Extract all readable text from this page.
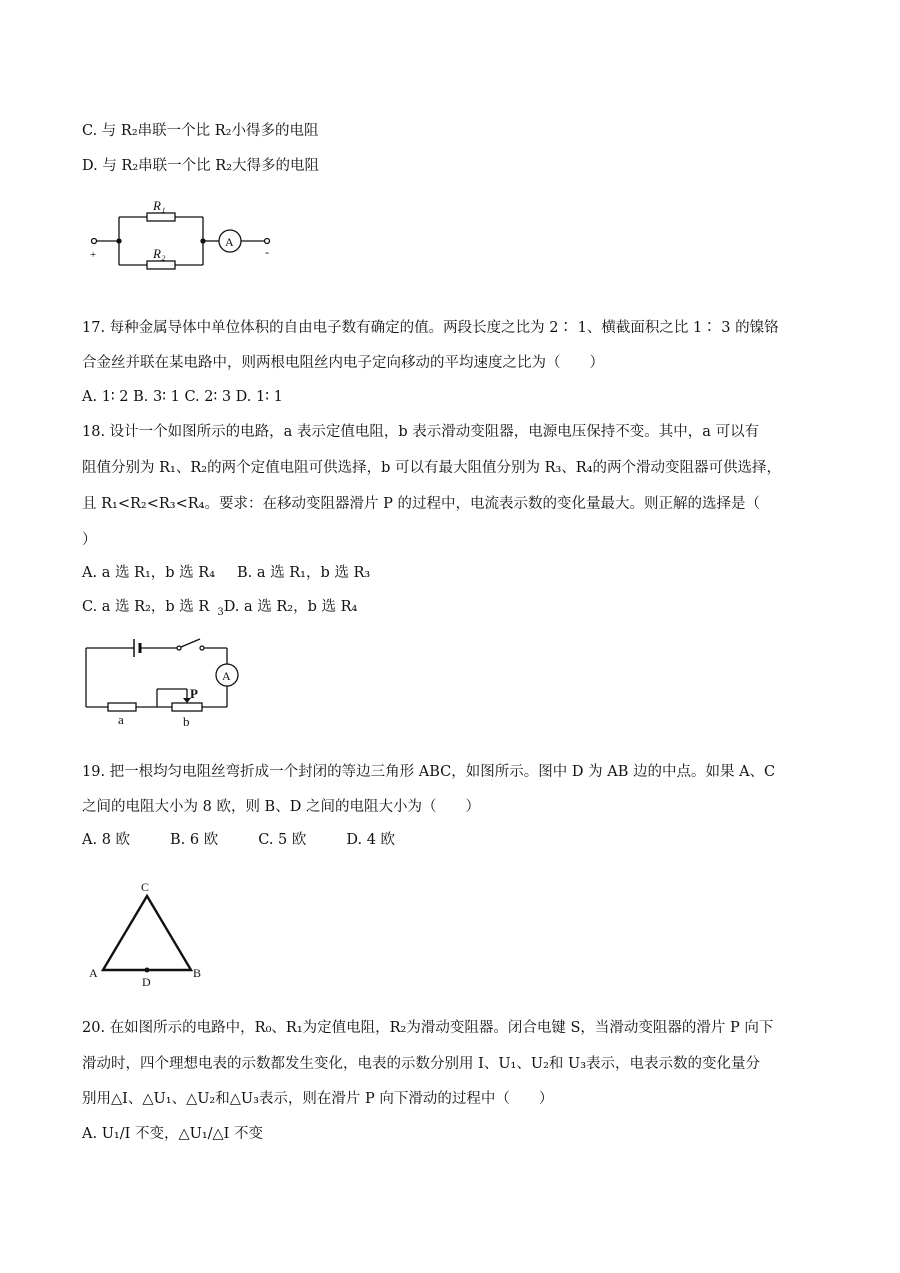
C. 与 R₂串联一个比 R₂小得多的电阻
D. 与 R₂串联一个比 R₂大得多的电阻
R₁
R₂
A
+	-
17. 每种金属导体中单位体积的自由电子数有确定的值。两段长度之比为 2∶ 1、横截面积之比 1∶ 3 的镍铬
合金丝并联在某电路中，则两根电阻丝内电子定向移动的平均速度之比为（　　）
A. 1∶ 2 B. 3∶ 1 C. 2∶ 3 D. 1∶ 1
18. 设计一个如图所示的电路，a 表示定值电阻，b 表示滑动变阻器，电源电压保持不变。其中，a 可以有
阻值分别为 R₁、R₂的两个定值电阻可供选择，b 可以有最大阻值分别为 R₃、R₄的两个滑动变阻器可供选择，
且 R₁<R₂<R₃<R₄。要求：在移动变阻器滑片 P 的过程中，电流表示数的变化量最大。则正解的选择是（
）
A. a 选 R₁，b 选 R₄ B. a 选 R₁，b 选 R₃
C. a 选 R₂，b 选 R $_3$D. a 选 R₂，b 选 R₄
A
P
a	b
19. 把一根均匀电阻丝弯折成一个封闭的等边三角形 ABC，如图所示。图中 D 为 AB 边的中点。如果 A、C
之间的电阻大小为 8 欧，则 B、D 之间的电阻大小为（　　）
A. 8 欧	B. 6 欧	C. 5 欧	D. 4 欧
C
A	B
D
20. 在如图所示的电路中，R₀、R₁为定值电阻，R₂为滑动变阻器。闭合电键 S，当滑动变阻器的滑片 P 向下
滑动时，四个理想电表的示数都发生变化，电表的示数分别用 I、U₁、U₂和 U₃表示，电表示数的变化量分
别用△I、△U₁、△U₂和△U₃表示，则在滑片 P 向下滑动的过程中（　　）
A. U₁/I 不变，△U₁/△I 不变
